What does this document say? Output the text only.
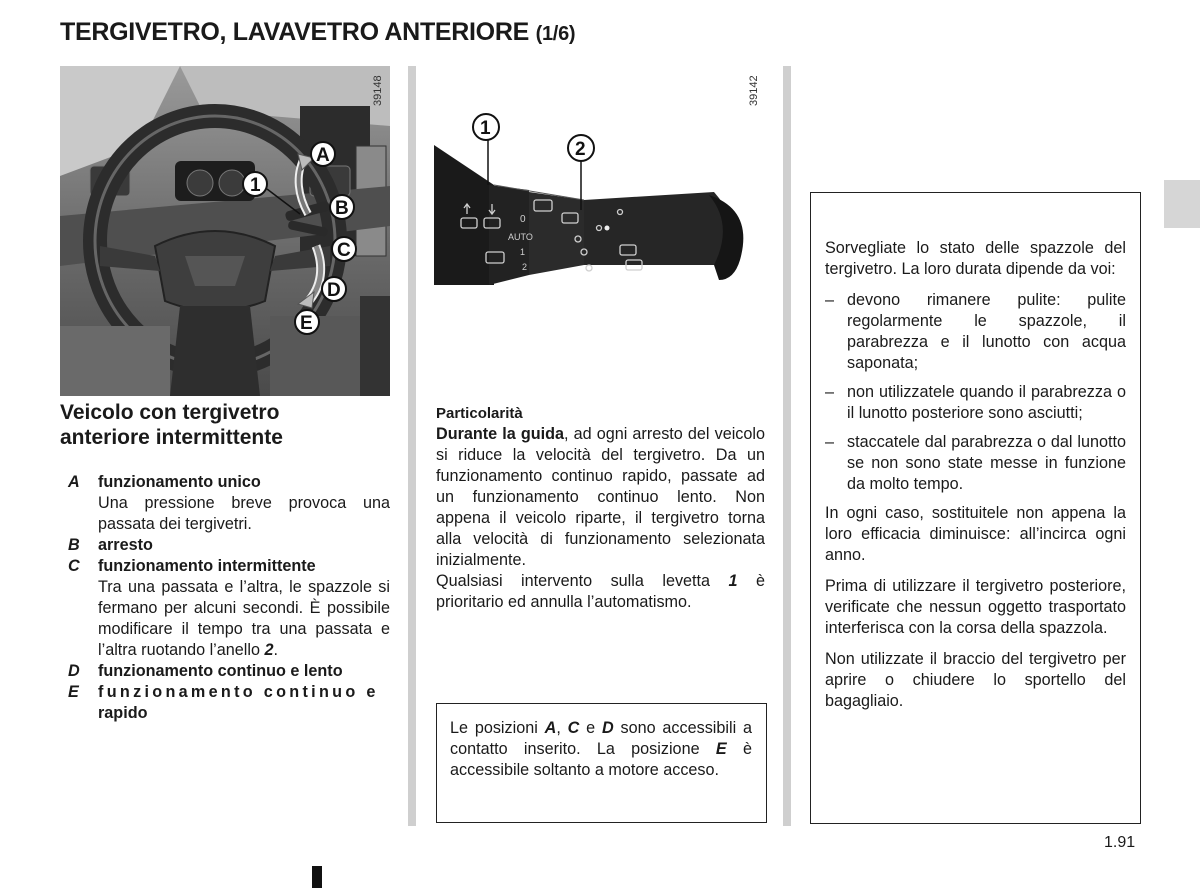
TERGIVETRO, LAVAVETRO ANTERIORE (1/6)
A
B
C
D
E
1
39148
0
AUTO
1
2
1
2
39142
Veicolo con tergivetro
anteriore intermittente
A	funzionamento unico
Una pressione breve provoca una passata dei tergivetri.
B	arresto
C	funzionamento intermittente
Tra una passata e l’altra, le spazzole si fermano per alcuni secondi. È possibile modificare il tempo tra una passata e l’altra ruotando l’anello 2.
D	funzionamento continuo e lento
E	funzionamento continuo e
rapido

Particolarità

Durante la guida, ad ogni arresto del veicolo si riduce la velocità del tergivetro. Da un funzionamento continuo rapido, passate ad un funzionamento continuo lento. Non appena il veicolo riparte, il tergivetro torna alla velocità di funzionamento selezionata inizialmente.

Qualsiasi intervento sulla levetta 1 è prioritario ed annulla l’automatismo.

Le posizioni A, C e D sono accessibili a contatto inserito. La posizione E è accessibile soltanto a motore acceso.

Sorvegliate lo stato delle spazzole del tergivetro. La loro durata dipende da voi:

– devono rimanere pulite: pulite regolarmente le spazzole, il parabrezza e il lunotto con acqua saponata;
– non utilizzatele quando il parabrezza o il lunotto posteriore sono asciutti;
– staccatele dal parabrezza o dal lunotto se non sono state messe in funzione da molto tempo.

In ogni caso, sostituitele non appena la loro efficacia diminuisce: all’incirca ogni anno.

Prima di utilizzare il tergivetro posteriore, verificate che nessun oggetto trasportato interferisca con la corsa della spazzola.

Non utilizzate il braccio del tergivetro per aprire o chiudere lo sportello del bagagliaio.

1.91
